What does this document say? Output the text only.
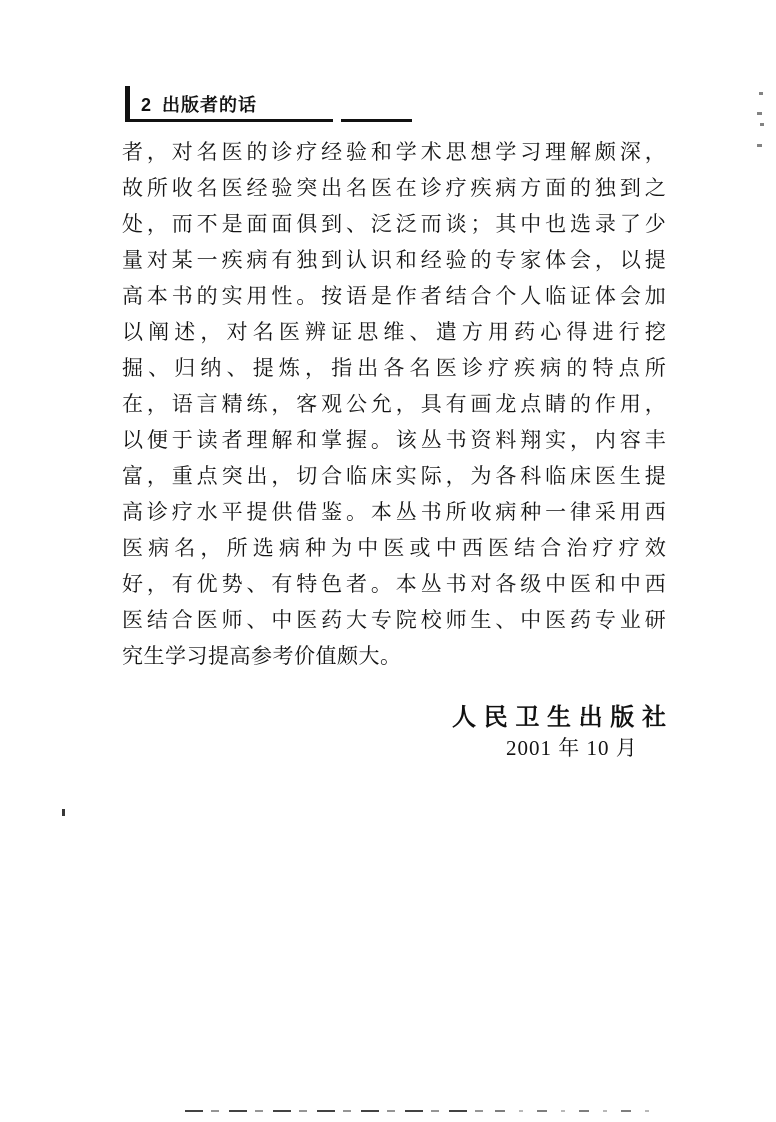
2 出版者的话
者 ， 对 名 医 的 诊 疗 经 验 和 学 术 思 想 学 习 理 解 颇 深 ，
故 所 收 名 医 经 验 突 出 名 医 在 诊 疗 疾 病 方 面 的 独 到 之
处 ， 而 不 是 面 面 俱 到 、 泛 泛 而 谈 ； 其 中 也 选 录 了 少
量 对 某 一 疾 病 有 独 到 认 识 和 经 验 的 专 家 体 会 ， 以 提
高 本 书 的 实 用 性 。 按 语 是 作 者 结 合 个 人 临 证 体 会 加
以 阐 述 ， 对 名 医 辨 证 思 维 、 遣 方 用 药 心 得 进 行 挖
掘 、 归 纳 、 提 炼 ， 指 出 各 名 医 诊 疗 疾 病 的 特 点 所
在 ， 语 言 精 练 ， 客 观 公 允 ， 具 有 画 龙 点 睛 的 作 用 ，
以 便 于 读 者 理 解 和 掌 握 。 该 丛 书 资 料 翔 实 ， 内 容 丰
富 ， 重 点 突 出 ， 切 合 临 床 实 际 ， 为 各 科 临 床 医 生 提
高 诊 疗 水 平 提 供 借 鉴 。 本 丛 书 所 收 病 种 一 律 采 用 西
医 病 名 ， 所 选 病 种 为 中 医 或 中 西 医 结 合 治 疗 疗 效
好 ， 有 优 势 、 有 特 色 者 。 本 丛 书 对 各 级 中 医 和 中 西
医 结 合 医 师 、 中 医 药 大 专 院 校 师 生 、 中 医 药 专 业 研
究生学习提高参考价值颇大。
人 民 卫 生 出 版 社
2001 年 10 月
